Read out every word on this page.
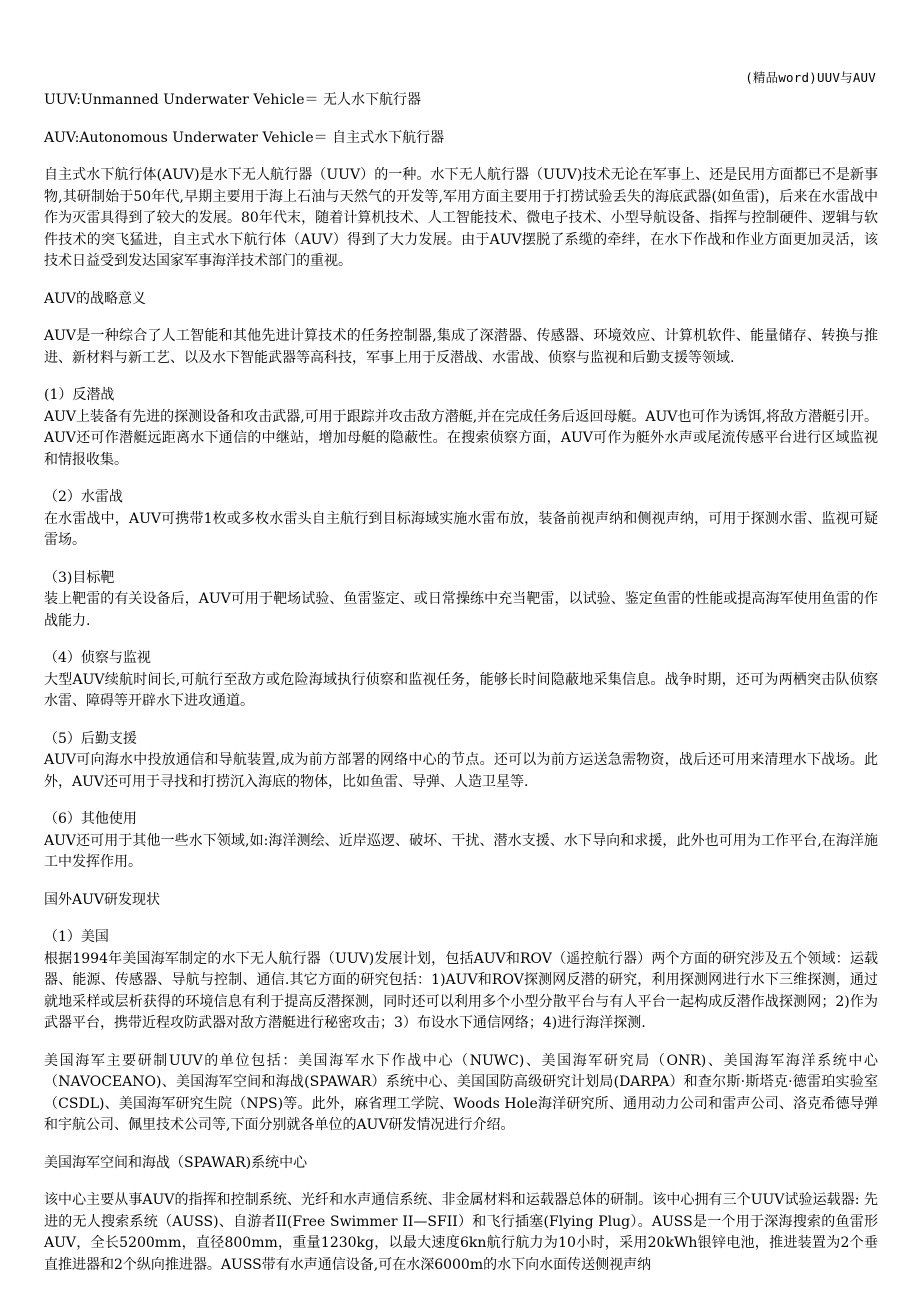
(精品word)UUV与AUV

UUV:Unmanned Underwater Vehicle＝ 无人水下航行器

AUV:Autonomous Underwater Vehicle＝ 自主式水下航行器

自主式水下航行体(AUV)是水下无人航行器（UUV）的一种。水下无人航行器（UUV)技术无论在军事上、还是民用方面都已不是新事物,其研制始于50年代,早期主要用于海上石油与天然气的开发等,军用方面主要用于打捞试验丢失的海底武器(如鱼雷)，后来在水雷战中作为灭雷具得到了较大的发展。80年代末，随着计算机技术、人工智能技术、微电子技术、小型导航设备、指挥与控制硬件、逻辑与软件技术的突飞猛进，自主式水下航行体（AUV）得到了大力发展。由于AUV摆脱了系缆的牵绊，在水下作战和作业方面更加灵活，该技术日益受到发达国家军事海洋技术部门的重视。

AUV的战略意义

AUV是一种综合了人工智能和其他先进计算技术的任务控制器,集成了深潜器、传感器、环境效应、计算机软件、能量储存、转换与推进、新材料与新工艺、以及水下智能武器等高科技，军事上用于反潜战、水雷战、侦察与监视和后勤支援等领域.

(1）反潜战

AUV上装备有先进的探测设备和攻击武器,可用于跟踪并攻击敌方潜艇,并在完成任务后返回母艇。AUV也可作为诱饵,将敌方潜艇引开。AUV还可作潜艇远距离水下通信的中继站，增加母艇的隐蔽性。在搜索侦察方面，AUV可作为艇外水声或尾流传感平台进行区域监视和情报收集。

（2）水雷战

在水雷战中，AUV可携带1枚或多枚水雷头自主航行到目标海域实施水雷布放，装备前视声纳和侧视声纳，可用于探测水雷、监视可疑雷场。

（3)目标靶

装上靶雷的有关设备后，AUV可用于靶场试验、鱼雷鉴定、或日常操练中充当靶雷，以试验、鉴定鱼雷的性能或提高海军使用鱼雷的作战能力.

（4）侦察与监视

大型AUV续航时间长,可航行至敌方或危险海域执行侦察和监视任务，能够长时间隐蔽地采集信息。战争时期，还可为两栖突击队侦察水雷、障碍等开辟水下进攻通道。

（5）后勤支援

AUV可向海水中投放通信和导航装置,成为前方部署的网络中心的节点。还可以为前方运送急需物资，战后还可用来清理水下战场。此外，AUV还可用于寻找和打捞沉入海底的物体，比如鱼雷、导弹、人造卫星等.

（6）其他使用

AUV还可用于其他一些水下领域,如:海洋测绘、近岸巡逻、破坏、干扰、潜水支援、水下导向和求援，此外也可用为工作平台,在海洋施工中发挥作用。

国外AUV研发现状

（1）美国

根据1994年美国海军制定的水下无人航行器（UUV)发展计划，包括AUV和ROV（遥控航行器）两个方面的研究涉及五个领域：运载器、能源、传感器、导航与控制、通信.其它方面的研究包括：1)AUV和ROV探测网反潜的研究，利用探测网进行水下三维探测，通过就地采样或层析获得的环境信息有利于提高反潜探测，同时还可以利用多个小型分散平台与有人平台一起构成反潜作战探测网；2)作为武器平台，携带近程攻防武器对敌方潜艇进行秘密攻击；3）布设水下通信网络；4)进行海洋探测.

美国海军主要研制UUV的单位包括：美国海军水下作战中心（NUWC)、美国海军研究局（ONR)、美国海军海洋系统中心（NAVOCEANO)、美国海军空间和海战(SPAWAR）系统中心、美国国防高级研究计划局(DARPA）和查尔斯·斯塔克·德雷珀实验室（CSDL)、美国海军研究生院（NPS)等。此外，麻省理工学院、Woods Hole海洋研究所、通用动力公司和雷声公司、洛克希德导弹和宇航公司、佩里技术公司等,下面分别就各单位的AUV研发情况进行介绍。

美国海军空间和海战（SPAWAR)系统中心

该中心主要从事AUV的指挥和控制系统、光纤和水声通信系统、非金属材料和运载器总体的研制。该中心拥有三个UUV试验运载器: 先进的无人搜索系统（AUSS)、自游者II(Free Swimmer II—SFII）和飞行插塞(Flying Plug）。AUSS是一个用于深海搜索的鱼雷形AUV，全长5200mm，直径800mm，重量1230kg，以最大速度6kn航行航力为10小时，采用20kWh银锌电池，推进装置为2个垂直推进器和2个纵向推进器。AUSS带有水声通信设备,可在水深6000m的水下向水面传送侧视声纳
